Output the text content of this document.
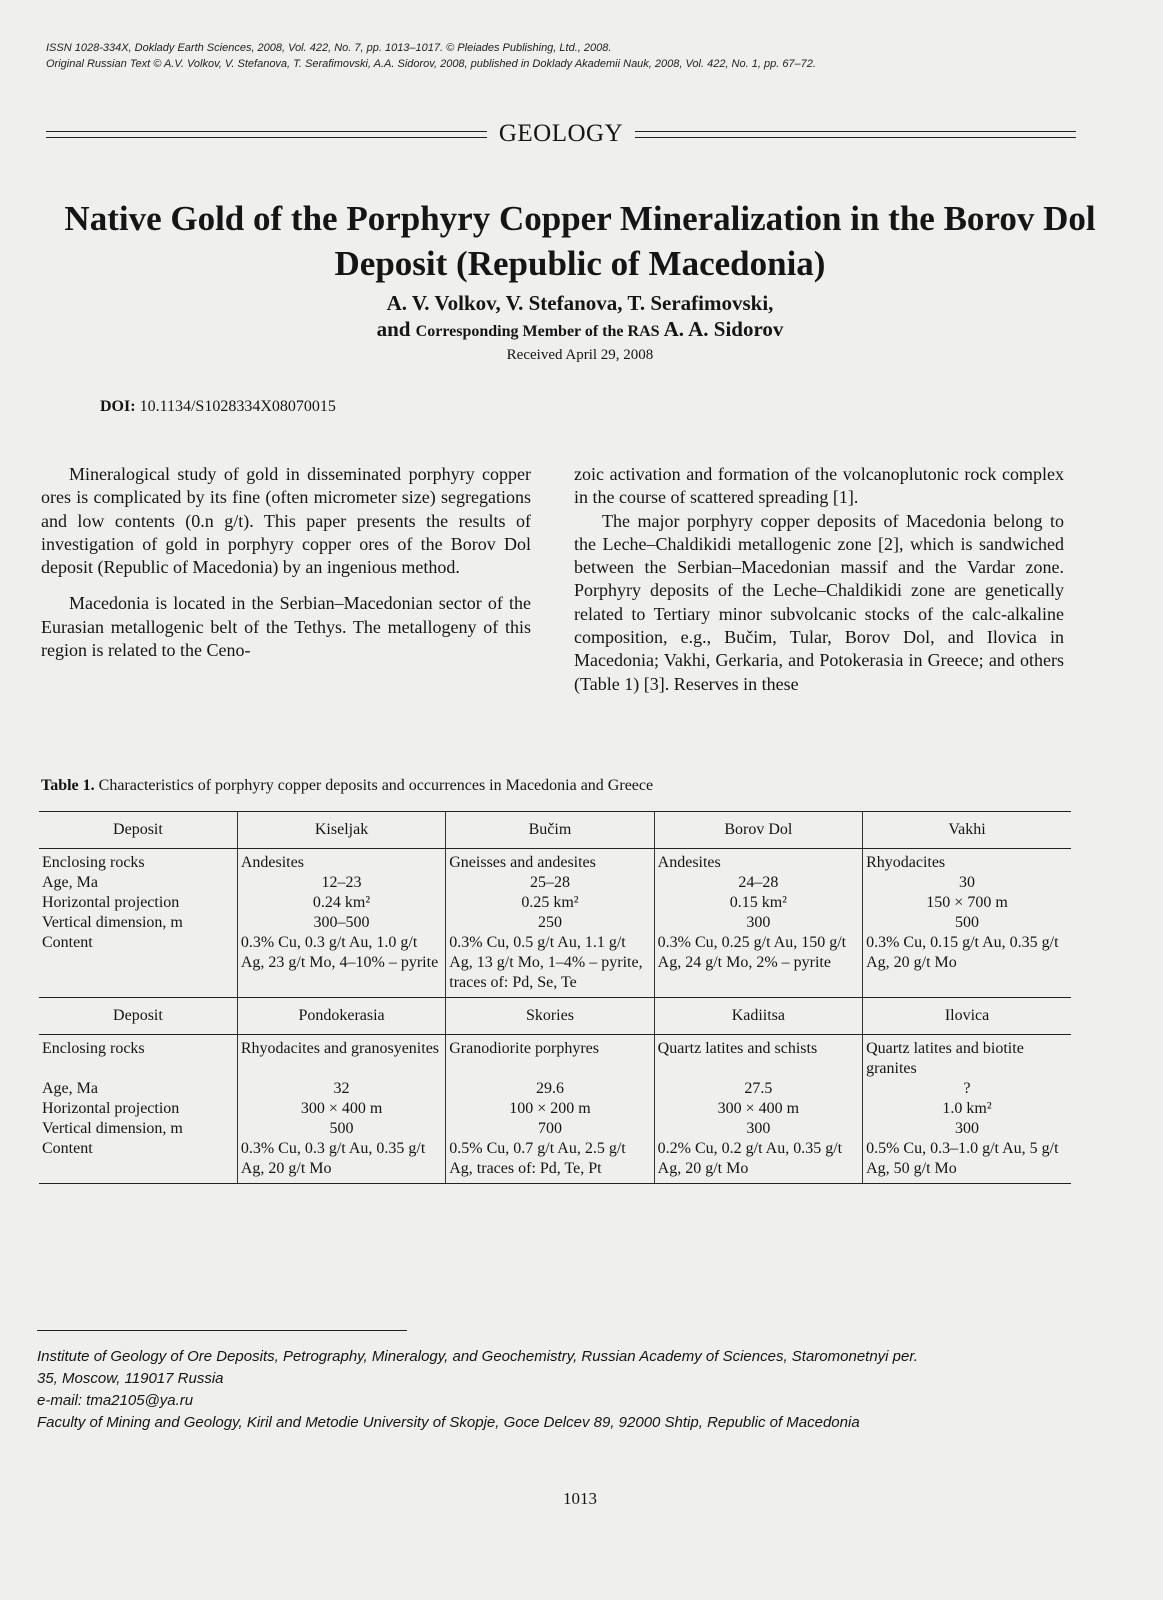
ISSN 1028-334X, Doklady Earth Sciences, 2008, Vol. 422, No. 7, pp. 1013–1017. © Pleiades Publishing, Ltd., 2008.
Original Russian Text © A.V. Volkov, V. Stefanova, T. Serafimovski, A.A. Sidorov, 2008, published in Doklady Akademii Nauk, 2008, Vol. 422, No. 1, pp. 67–72.
GEOLOGY
Native Gold of the Porphyry Copper Mineralization in the Borov Dol Deposit (Republic of Macedonia)
A. V. Volkov, V. Stefanova, T. Serafimovski,
and Corresponding Member of the RAS A. A. Sidorov
Received April 29, 2008
DOI: 10.1134/S1028334X08070015

Mineralogical study of gold in disseminated porphyry copper ores is complicated by its fine (often micrometer size) segregations and low contents (0.n g/t). This paper presents the results of investigation of gold in porphyry copper ores of the Borov Dol deposit (Republic of Macedonia) by an ingenious method.

Macedonia is located in the Serbian–Macedonian sector of the Eurasian metallogenic belt of the Tethys. The metallogeny of this region is related to the Ceno-

zoic activation and formation of the volcanoplutonic rock complex in the course of scattered spreading [1].

The major porphyry copper deposits of Macedonia belong to the Leche–Chaldikidi metallogenic zone [2], which is sandwiched between the Serbian–Macedonian massif and the Vardar zone. Porphyry deposits of the Leche–Chaldikidi zone are genetically related to Tertiary minor subvolcanic stocks of the calc-alkaline composition, e.g., Bučim, Tular, Borov Dol, and Ilovica in Macedonia; Vakhi, Gerkaria, and Potokerasia in Greece; and others (Table 1) [3]. Reserves in these

Table 1. Characteristics of porphyry copper deposits and occurrences in Macedonia and Greece
Deposit	Kiseljak	Bučim	Borov Dol	Vakhi
Enclosing rocks	Andesites	Gneisses and andesites	Andesites	Rhyodacites
Age, Ma	12–23	25–28	24–28	30
Horizontal projection	0.24 km²	0.25 km²	0.15 km²	150 × 700 m
Vertical dimension, m	300–500	250	300	500
Content	0.3% Cu, 0.3 g/t Au, 1.0 g/t Ag, 23 g/t Mo, 4–10% – pyrite	0.3% Cu, 0.5 g/t Au, 1.1 g/t Ag, 13 g/t Mo, 1–4% – pyrite, traces of: Pd, Se, Te	0.3% Cu, 0.25 g/t Au, 150 g/t Ag, 24 g/t Mo, 2% – pyrite	0.3% Cu, 0.15 g/t Au, 0.35 g/t Ag, 20 g/t Mo
Deposit	Pondokerasia	Skories	Kadiitsa	Ilovica
Enclosing rocks	Rhyodacites and granosyenites	Granodiorite porphyres	Quartz latites and schists	Quartz latites and biotite granites
Age, Ma	32	29.6	27.5	?
Horizontal projection	300 × 400 m	100 × 200 m	300 × 400 m	1.0 km²
Vertical dimension, m	500	700	300	300
Content	0.3% Cu, 0.3 g/t Au, 0.35 g/t Ag, 20 g/t Mo	0.5% Cu, 0.7 g/t Au, 2.5 g/t Ag, traces of: Pd, Te, Pt	0.2% Cu, 0.2 g/t Au, 0.35 g/t Ag, 20 g/t Mo	0.5% Cu, 0.3–1.0 g/t Au, 5 g/t Ag, 50 g/t Mo

Institute of Geology of Ore Deposits, Petrography, Mineralogy, and Geochemistry, Russian Academy of Sciences, Staromonetnyi per. 35, Moscow, 119017 Russia

e-mail: tma2105@ya.ru

Faculty of Mining and Geology, Kiril and Metodie University of Skopje, Goce Delcev 89, 92000 Shtip, Republic of Macedonia

1013
